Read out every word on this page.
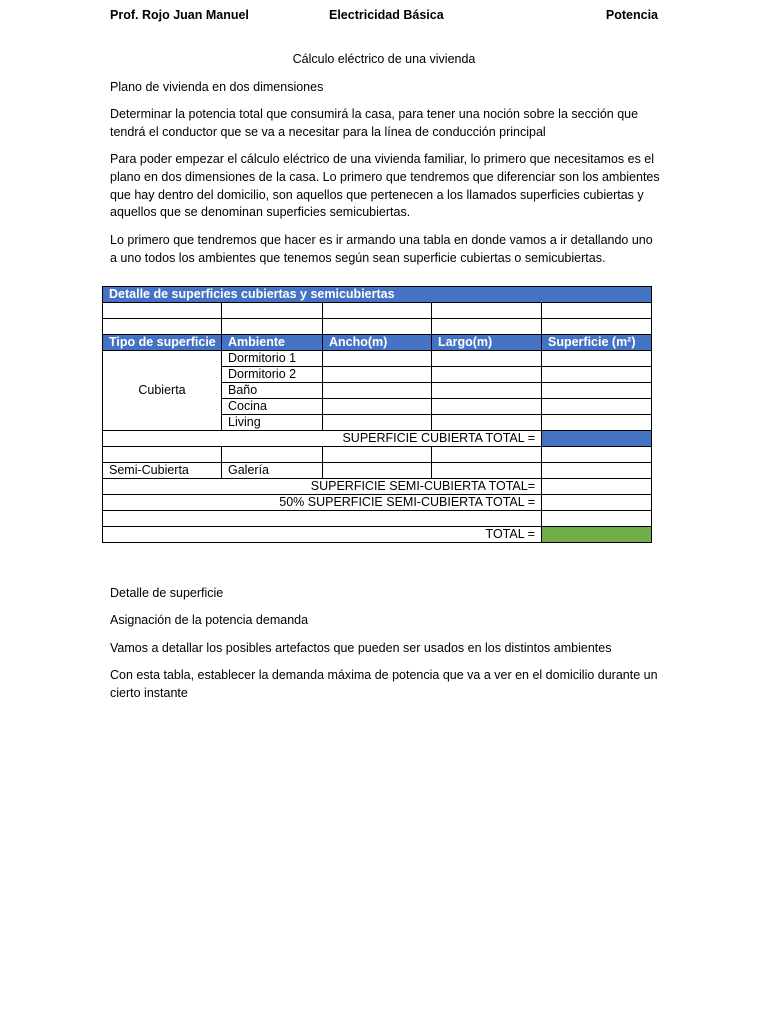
Prof. Rojo Juan Manuel	Electricidad Básica	Potencia
Cálculo eléctrico de una vivienda

Plano de vivienda en dos dimensiones

Determinar la potencia total que consumirá la casa, para tener una noción sobre la sección que tendrá el conductor que se va a necesitar para la línea de conducción principal

Para poder empezar el cálculo eléctrico de una vivienda familiar, lo primero que necesitamos es el plano en dos dimensiones de la casa. Lo primero que tendremos que diferenciar son los ambientes que hay dentro del domicilio, son aquellos que pertenecen a los llamados superficies cubiertas y aquellos que se denominan superficies semicubiertas.

Lo primero que tendremos que hacer es ir armando una tabla en donde vamos a ir detallando uno a uno todos los ambientes que tenemos según sean superficie cubiertas o semicubiertas.

Detalle de superficies cubiertas y semicubiertas				

Tipo de superficie	Ambiente	Ancho(m)	Largo(m)	Superficie (m²)
Cubierta	Dormitorio 1			
	Dormitorio 2			
	Baño			
	Cocina			
	Living			
SUPERFICIE CUBIERTA TOTAL =				

Semi-Cubierta	Galería			
SUPERFICIE SEMI-CUBIERTA TOTAL=				
50% SUPERFICIE SEMI-CUBIERTA TOTAL =				

TOTAL =				

Detalle de superficie

Asignación de la potencia demanda

Vamos a detallar los posibles artefactos que pueden ser usados en los distintos ambientes

Con esta tabla, establecer la demanda máxima de potencia que va a ver en el domicilio durante un cierto instante
